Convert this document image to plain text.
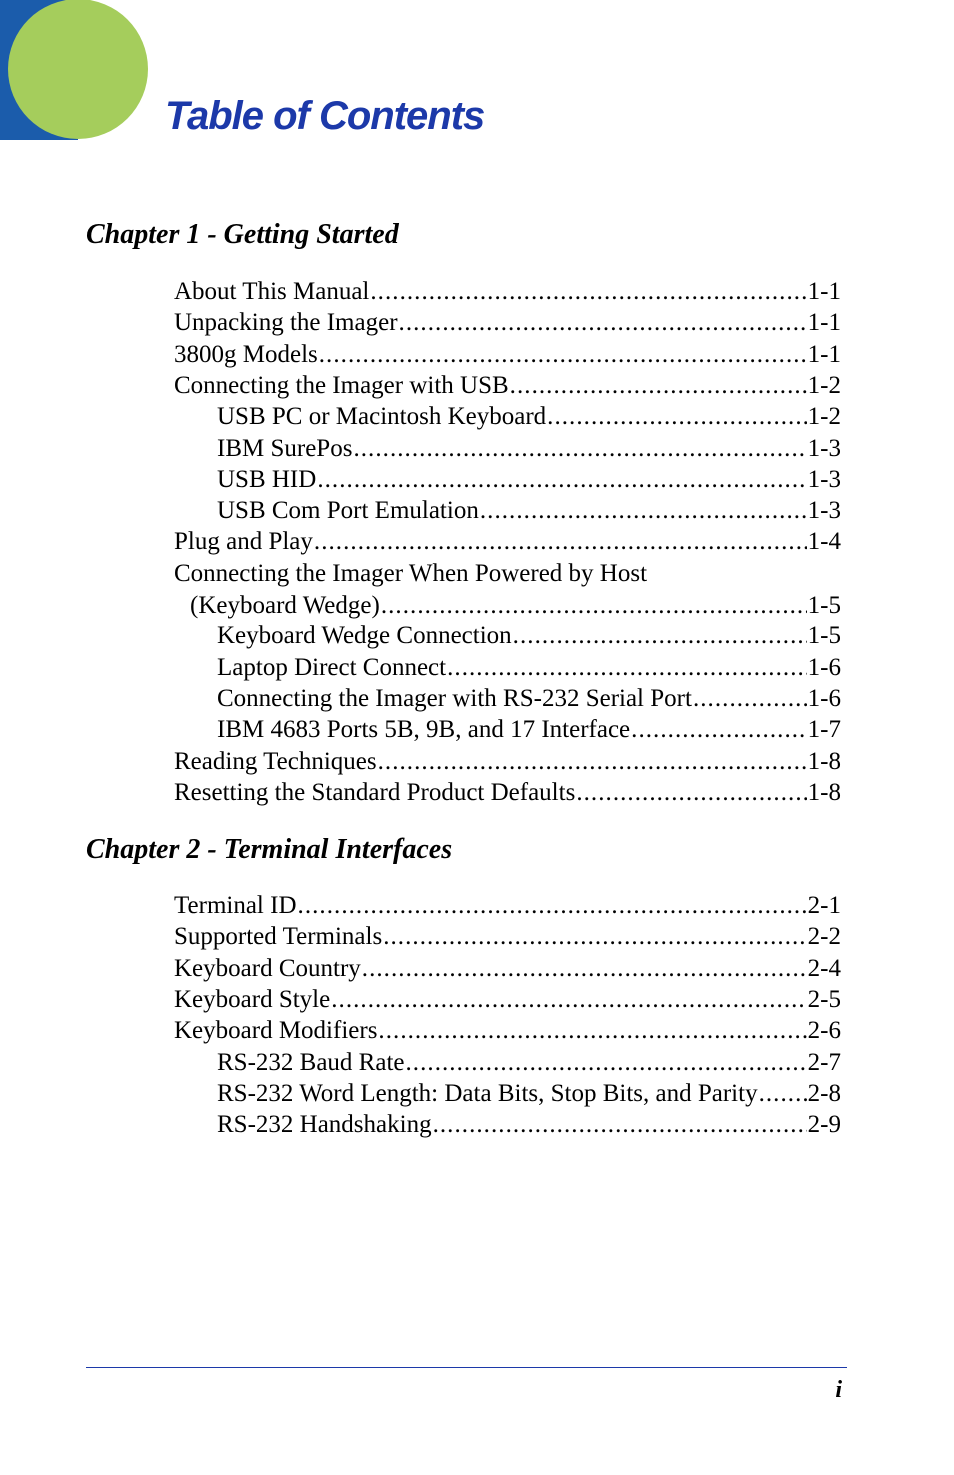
Table of Contents
Chapter 1 - Getting Started
Chapter 2 - Terminal Interfaces
About This Manual . . .	1-1
Unpacking the Imager . . .	1-1
3800g Models . . .	1-1
Connecting the Imager with USB . . .	1-2
USB PC or Macintosh Keyboard . . .	1-2
IBM SurePos . . .	1-3
USB HID . . .	1-3
USB Com Port Emulation . . .	1-3
Plug and Play . . .	1-4
Connecting the Imager When Powered by Host
(Keyboard Wedge) . . .	1-5
Keyboard Wedge Connection . . .	1-5
Laptop Direct Connect . . .	1-6
Connecting the Imager with RS-232 Serial Port . . .	1-6
IBM 4683 Ports 5B, 9B, and 17 Interface . . .	1-7
Reading Techniques . . .	1-8
Resetting the Standard Product Defaults . . .	1-8
Terminal ID . . .	2-1
Supported Terminals . . .	2-2
Keyboard Country . . .	2-4
Keyboard Style . . .	2-5
Keyboard Modifiers . . .	2-6
RS-232 Baud Rate . . .	2-7
RS-232 Word Length: Data Bits, Stop Bits, and Parity . . . 2-8
RS-232 Handshaking . . .	2-9
i
